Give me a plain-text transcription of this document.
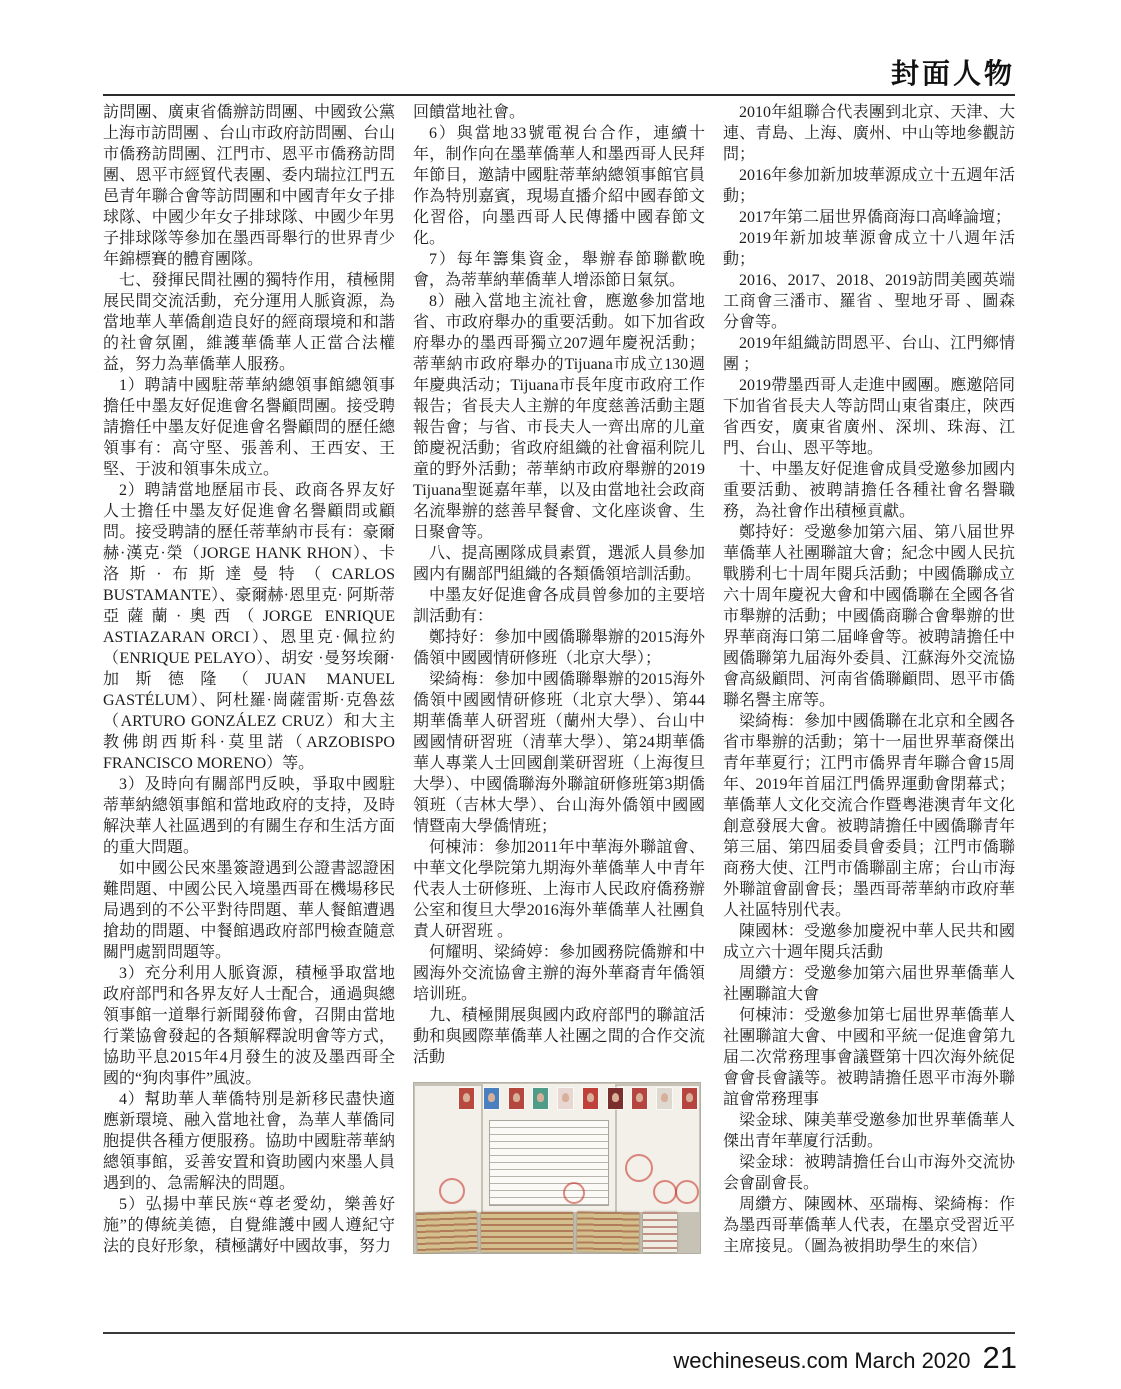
封面人物

訪問團、廣東省僑辦訪問團、中國致公黨上海市訪問團 、台山市政府訪問團、台山市僑務訪問團、江門市、恩平市僑務訪問團、恩平市經貿代表團、委内瑞拉江門五邑青年聯合會等訪問團和中國青年女子排球隊、中國少年女子排球隊、中國少年男子排球隊等參加在墨西哥舉行的世界青少年錦標賽的體育團隊。

七、發揮民間社團的獨特作用，積極開展民間交流活動，充分運用人脈資源，為當地華人華僑創造良好的經商環境和和諧的社會氛圍，維護華僑華人正當合法權益，努力為華僑華人服務。

1）聘請中國駐蒂華納總領事館總領事擔任中墨友好促進會名譽顧問團。接受聘請擔任中墨友好促進會名譽顧問的歷任總領事有：高守堅、張善利、王西安、王堅、于波和領事朱成立。

2）聘請當地歷届市長、政商各界友好人士擔任中墨友好促進會名譽顧問或顧問。接受聘請的歷任蒂華納市長有：豪爾赫·漢克·榮（JORGE HANK RHON）、卡洛斯·布斯達曼特（CARLOS BUSTAMANTE）、豪爾赫·恩里克· 阿斯蒂亞薩蘭·奧西（JORGE ENRIQUE ASTIAZARAN ORCI）、恩里克·佩拉約（ENRIQUE PELAYO）、胡安 ·曼努埃爾·加斯德隆（JUAN MANUEL GASTÉLUM）、阿杜羅·崗薩雷斯·克魯兹（ARTURO GONZÁLEZ CRUZ）和大主教佛朗西斯科·莫里諾（ARZOBISPO FRANCISCO MORENO）等。

3）及時向有關部門反映，爭取中國駐蒂華納總領事館和當地政府的支持，及時解決華人社區遇到的有關生存和生活方面的重大問題。

如中國公民來墨簽證遇到公證書認證困難問題、中國公民入境墨西哥在機場移民局遇到的不公平對待問題、華人餐館遭遇搶劫的問題、中餐館遇政府部門檢查隨意關門處罰問題等。

3）充分利用人脈資源，積極爭取當地政府部門和各界友好人士配合，通過與總領事館一道舉行新聞發佈會，召開由當地行業協會發起的各類解釋說明會等方式，協助平息2015年4月發生的波及墨西哥全國的“狗肉事件”風波。

4）幫助華人華僑特別是新移民盡快適應新環境、融入當地社會，為華人華僑同胞提供各種方便服務。協助中國駐蒂華納總領事館，妥善安置和資助國内來墨人員遇到的、急需解決的問題。

5）弘揚中華民族“尊老愛幼，樂善好施”的傳統美德，自覺維護中國人遵紀守法的良好形象，積極講好中國故事，努力

回饋當地社會。

6）與當地33號電視台合作，連續十年，制作向在墨華僑華人和墨西哥人民拜年節目，邀請中國駐蒂華納總領事館官員作為特別嘉賓，現場直播介紹中國春節文化習俗，向墨西哥人民傳播中國春節文化。

7）每年籌集資金，舉辦春節聯歡晚會，為蒂華納華僑華人增添節日氣氛。

8）融入當地主流社會，應邀參加當地省、市政府舉办的重要活動。如下加省政府舉办的墨西哥獨立207週年慶祝活動；蒂華納市政府舉办的Tijuana市成立130週年慶典活动；Tijuana市長年度市政府工作報告；省長夫人主辦的年度慈善活動主題報告會；与省、市長夫人一齊出席的儿童節慶祝活動；省政府組織的社會福利院儿童的野外活動；蒂華納市政府舉辦的2019 Tijuana聖诞嘉年華，以及由當地社会政商名流舉辦的慈善早餐會、文化座谈會、生日聚會等。

八、提高團隊成員素質，選派人員參加國内有關部門組織的各類僑領培訓活動。

中墨友好促進會各成員曾參加的主要培訓活動有：

鄭持好：參加中國僑聯舉辦的2015海外僑領中國國情研修班（北京大學）；

梁綺梅：參加中國僑聯舉辦的2015海外僑領中國國情研修班（北京大學）、第44期華僑華人研習班（蘭州大學）、台山中國國情研習班（清華大學）、第24期華僑華人專業人士回國創業研習班（上海復旦大學）、中國僑聯海外聯誼研修班第3期僑領班（吉林大學）、台山海外僑領中國國情暨南大學僑情班；

何棟沛：參加2011年中華海外聯誼會、中華文化學院第九期海外華僑華人中青年代表人士研修班、上海市人民政府僑務辦公室和復旦大學2016海外華僑華人社團負責人研習班 。

何耀明、梁綺婷：參加國務院僑辦和中國海外交流協會主辦的海外華裔青年僑領培训班。

九、積極開展與國内政府部門的聯誼活動和與國際華僑華人社團之間的合作交流活動

2010年組聯合代表團到北京、天津、大連、青島、上海、廣州、中山等地參觀訪問；

2016年參加新加坡華源成立十五週年活動；

2017年第二届世界僑商海口高峰論壇；

2019年新加坡華源會成立十八週年活動；

2016、2017、2018、2019訪問美國英端工商會三潘市、羅省 、聖地牙哥 、圖森分會等。

2019年組織訪問恩平、台山、江門鄉情團 ；

2019帶墨西哥人走進中國團。應邀陪同下加省省長夫人等訪問山東省棗庄，陝西省西安，廣東省廣州、深圳、珠海、江門、台山、恩平等地。

十、中墨友好促進會成員受邀參加國内重要活動、被聘請擔任各種社會名譽職務，為社會作出積極貢獻。

鄭持好：受邀參加第六届、第八届世界華僑華人社團聯誼大會；紀念中國人民抗戰勝利七十周年閱兵活動；中國僑聯成立六十周年慶祝大會和中國僑聯在全國各省市舉辦的活動；中國僑商聯合會舉辦的世界華商海口第二届峰會等。被聘請擔任中國僑聯第九届海外委員、江蘇海外交流協會高級顧問、河南省僑聯顧問、恩平市僑聯名譽主席等。

梁綺梅：參加中國僑聯在北京和全國各省市舉辦的活動；第十一届世界華裔傑出青年華夏行；江門市僑界青年聯合會15周年、2019年首届江門僑界運動會閉幕式；華僑華人文化交流合作暨粵港澳青年文化創意發展大會。被聘請擔任中國僑聯青年第三届、第四届委員會委員；江門市僑聯商務大使、江門市僑聯副主席；台山市海外聯誼會副會長；墨西哥蒂華納市政府華人社區特別代表。

陳國林：受邀參加慶祝中華人民共和國成立六十週年閱兵活動

周纘方：受邀參加第六届世界華僑華人社團聯誼大會

何棟沛：受邀參加第七届世界華僑華人社團聯誼大會、中國和平統一促進會第九届二次常務理事會議暨第十四次海外統促會會長會議等。被聘請擔任恩平市海外聯誼會常務理事

梁金球、陳美華受邀參加世界華僑華人傑出青年華廈行活動。

梁金球：被聘請擔任台山市海外交流协会會副會長。

周纘方、陳國林、巫瑞梅、梁綺梅：作為墨西哥華僑華人代表，在墨京受習近平主席接見。（圖為被捐助學生的來信）

wechineseus.com March 2020 21
